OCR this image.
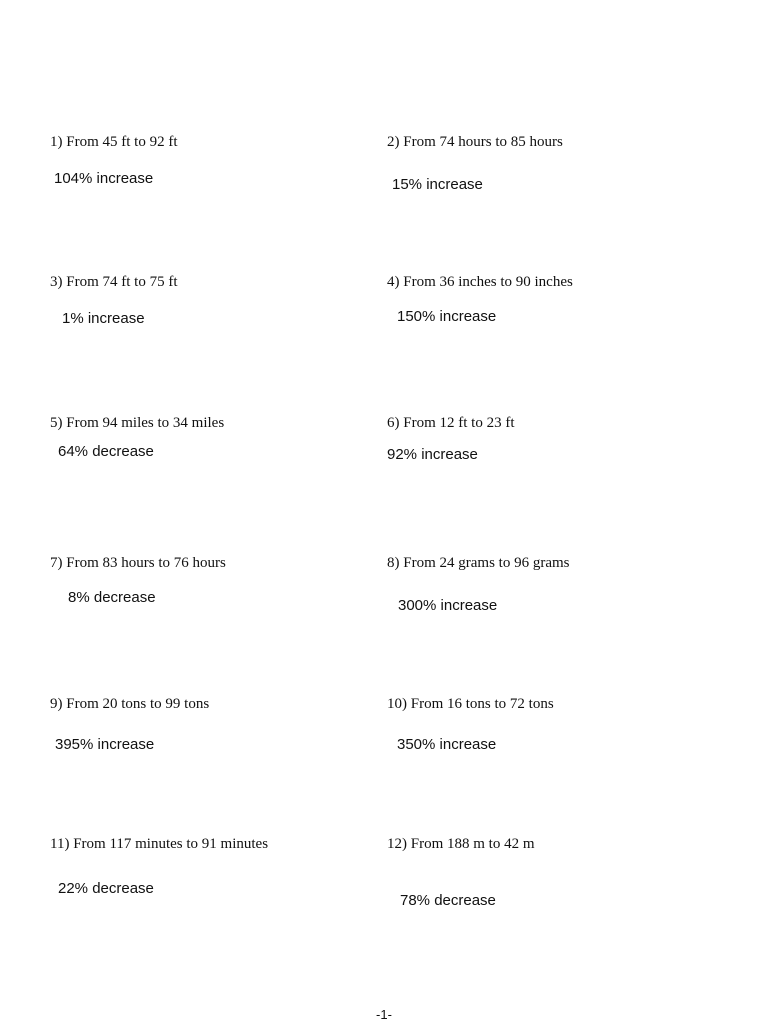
1) From 45 ft to 92 ft
104% increase
2) From 74 hours to 85 hours
15% increase
3) From 74 ft to 75 ft
1% increase
4) From 36 inches to 90 inches
150% increase
5) From 94 miles to 34 miles
64% decrease
6) From 12 ft to 23 ft
92% increase
7) From 83 hours to 76 hours
8% decrease
8) From 24 grams to 96 grams
300% increase
9) From 20 tons to 99 tons
395% increase
10) From 16 tons to 72 tons
350% increase
11) From 117 minutes to 91 minutes
22% decrease
12) From 188 m to 42 m
78% decrease
-1-
